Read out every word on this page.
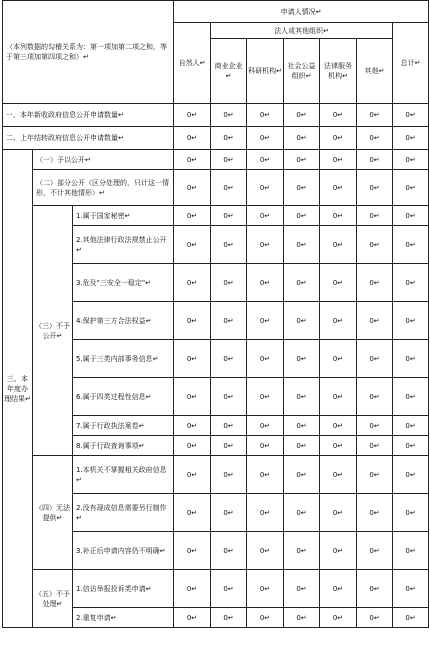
（本列数据的勾稽关系为：第一项加第二项之和，等于第三项加第四项之和）↵			申请人情况↵						
			自然人↵	法人或其他组织↵					总计↵
				商业企业↵	科研机构↵	社会公益组织↵	法律服务机构↵	其他↵	
一、本年新收政府信息公开申请数量↵			0↵	0↵	0↵	0↵	0↵	0↵	0↵
二、上年结转政府信息公开申请数量↵			0↵	0↵	0↵	0↵	0↵	0↵	0↵
三、本年度办理结果↵	（一）予以公开↵		0↵	0↵	0↵	0↵	0↵	0↵	0↵
	（二）部分公开（区分处理的，只计这一情形，不计其他情形）↵		0↵	0↵	0↵	0↵	0↵	0↵	0↵
	（三）不予公开↵	1.属于国家秘密↵	0↵	0↵	0↵	0↵	0↵	0↵	0↵
		2.其他法律行政法规禁止公开↵	0↵	0↵	0↵	0↵	0↵	0↵	0↵
		3.危及"三安全一稳定"↵	0↵	0↵	0↵	0↵	0↵	0↵	0↵
		4.保护第三方合法权益↵	0↵	0↵	0↵	0↵	0↵	0↵	0↵
		5.属于三类内部事务信息↵	0↵	0↵	0↵	0↵	0↵	0↵	0↵
		6.属于四类过程性信息↵	0↵	0↵	0↵	0↵	0↵	0↵	0↵
		7.属于行政执法案卷↵	0↵	0↵	0↵	0↵	0↵	0↵	0↵
		8.属于行政查询事项↵	0↵	0↵	0↵	0↵	0↵	0↵	0↵
	（四）无法提供↵	1.本机关不掌握相关政府信息↵	0↵	0↵	0↵	0↵	0↵	0↵	0↵
		2.没有现成信息需要另行制作↵	0↵	0↵	0↵	0↵	0↵	0↵	0↵
		3.补正后申请内容仍不明确↵	0↵	0↵	0↵	0↵	0↵	0↵	0↵
	（五）不予处理↵	1.信访举报投诉类申请↵	0↵	0↵	0↵	0↵	0↵	0↵	0↵
		2.重复申请↵	0↵	0↵	0↵	0↵	0↵	0↵	0↵
